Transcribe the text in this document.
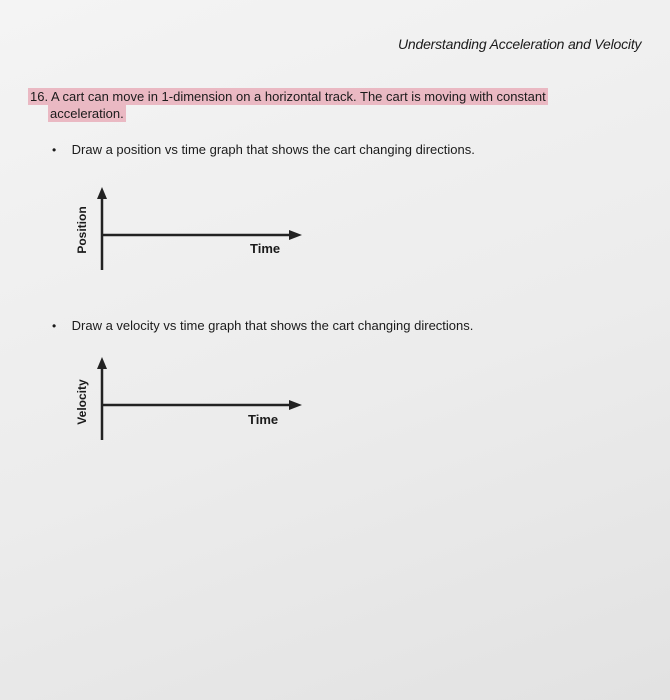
Understanding Acceleration and Velocity
16. A cart can move in 1-dimension on a horizontal track. The cart is moving with constant
acceleration.
• Draw a position vs time graph that shows the cart changing directions.
Position	Time
• Draw a velocity vs time graph that shows the cart changing directions.
Velocity	Time
